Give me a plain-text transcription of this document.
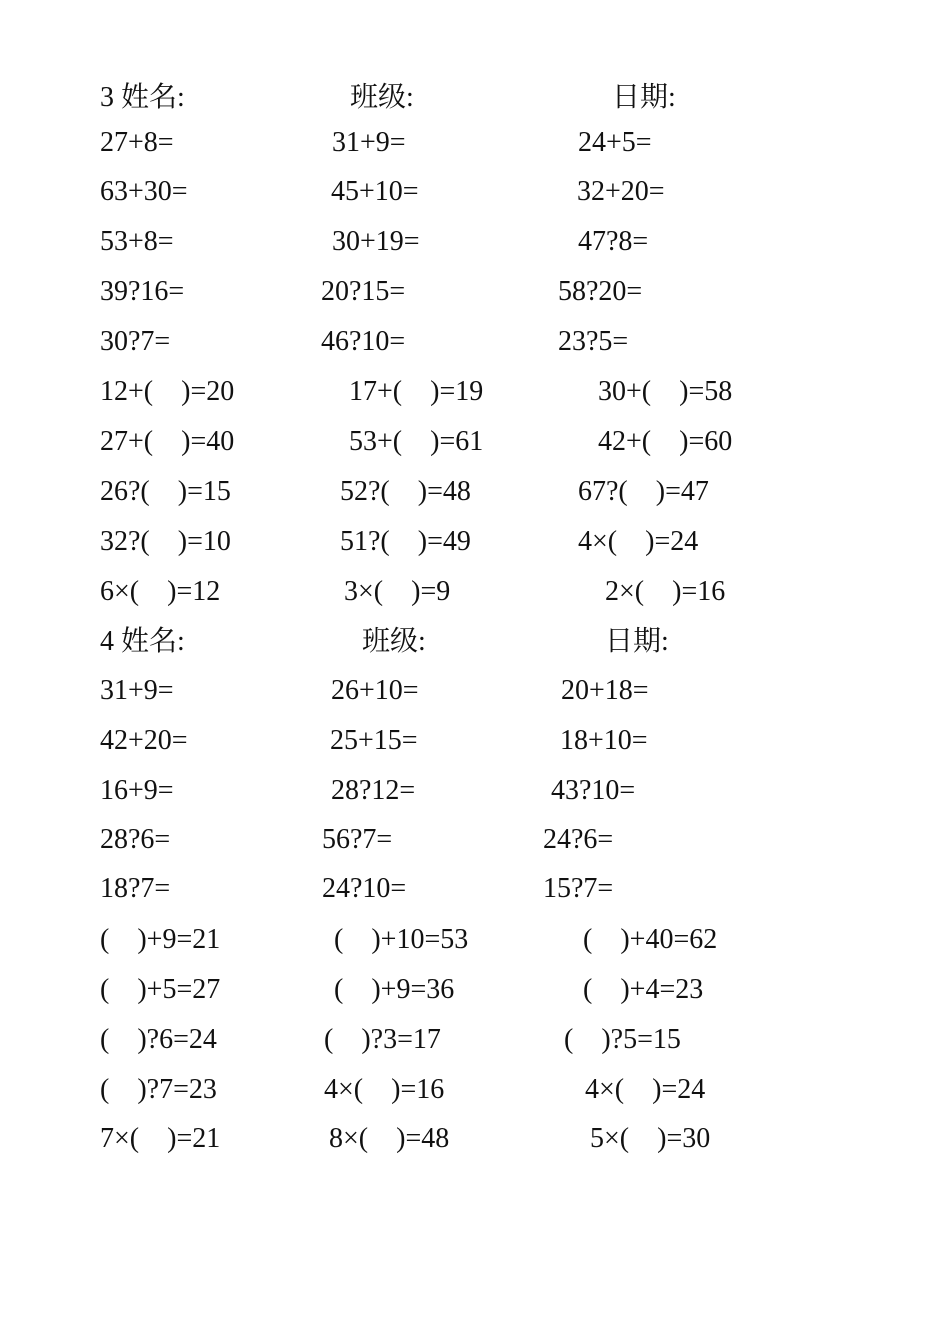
3 姓名:	班级:	日期:
27+8=	31+9=	24+5=
63+30=	45+10=	32+20=
53+8=	30+19=	47?8=
39?16=	20?15=	58?20=
30?7=	46?10=	23?5=
12+(    )=20	17+(    )=19	30+(    )=58
27+(    )=40	53+(    )=61	42+(    )=60
26?(    )=15	52?(    )=48	67?(    )=47
32?(    )=10	51?(    )=49	4×(    )=24
6×(    )=12	3×(    )=9	2×(    )=16
4 姓名:	班级:	日期:
31+9=	26+10=	20+18=
42+20=	25+15=	18+10=
16+9=	28?12=	43?10=
28?6=	56?7=	24?6=
18?7=	24?10=	15?7=
(    )+9=21	(    )+10=53	(    )+40=62
(    )+5=27	(    )+9=36	(    )+4=23
(    )?6=24	(    )?3=17	(    )?5=15
(    )?7=23	4×(    )=16	4×(    )=24
7×(    )=21	8×(    )=48	5×(    )=30
